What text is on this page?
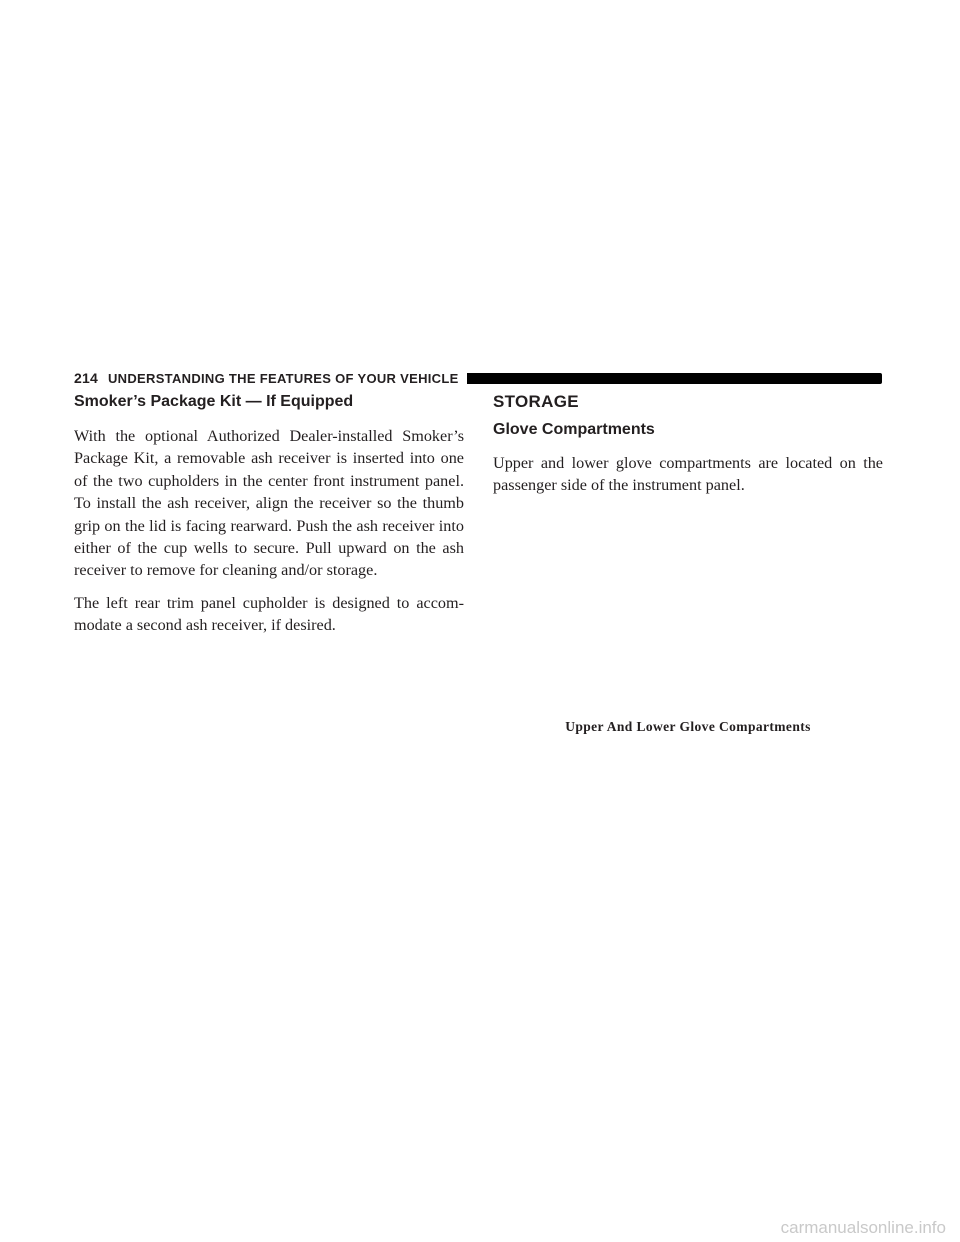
214 UNDERSTANDING THE FEATURES OF YOUR VEHICLE
Smoker’s Package Kit — If Equipped

With the optional Authorized Dealer-installed Smoker’s Package Kit, a removable ash receiver is inserted into one of the two cupholders in the center front instrument panel. To install the ash receiver, align the receiver so the thumb grip on the lid is facing rearward. Push the ash receiver into either of the cup wells to secure. Pull upward on the ash receiver to remove for cleaning and/or storage.

The left rear trim panel cupholder is designed to accom-modate a second ash receiver, if desired.

STORAGE
Glove Compartments

Upper and lower glove compartments are located on the passenger side of the instrument panel.

Upper And Lower Glove Compartments
carmanualsonline.info
